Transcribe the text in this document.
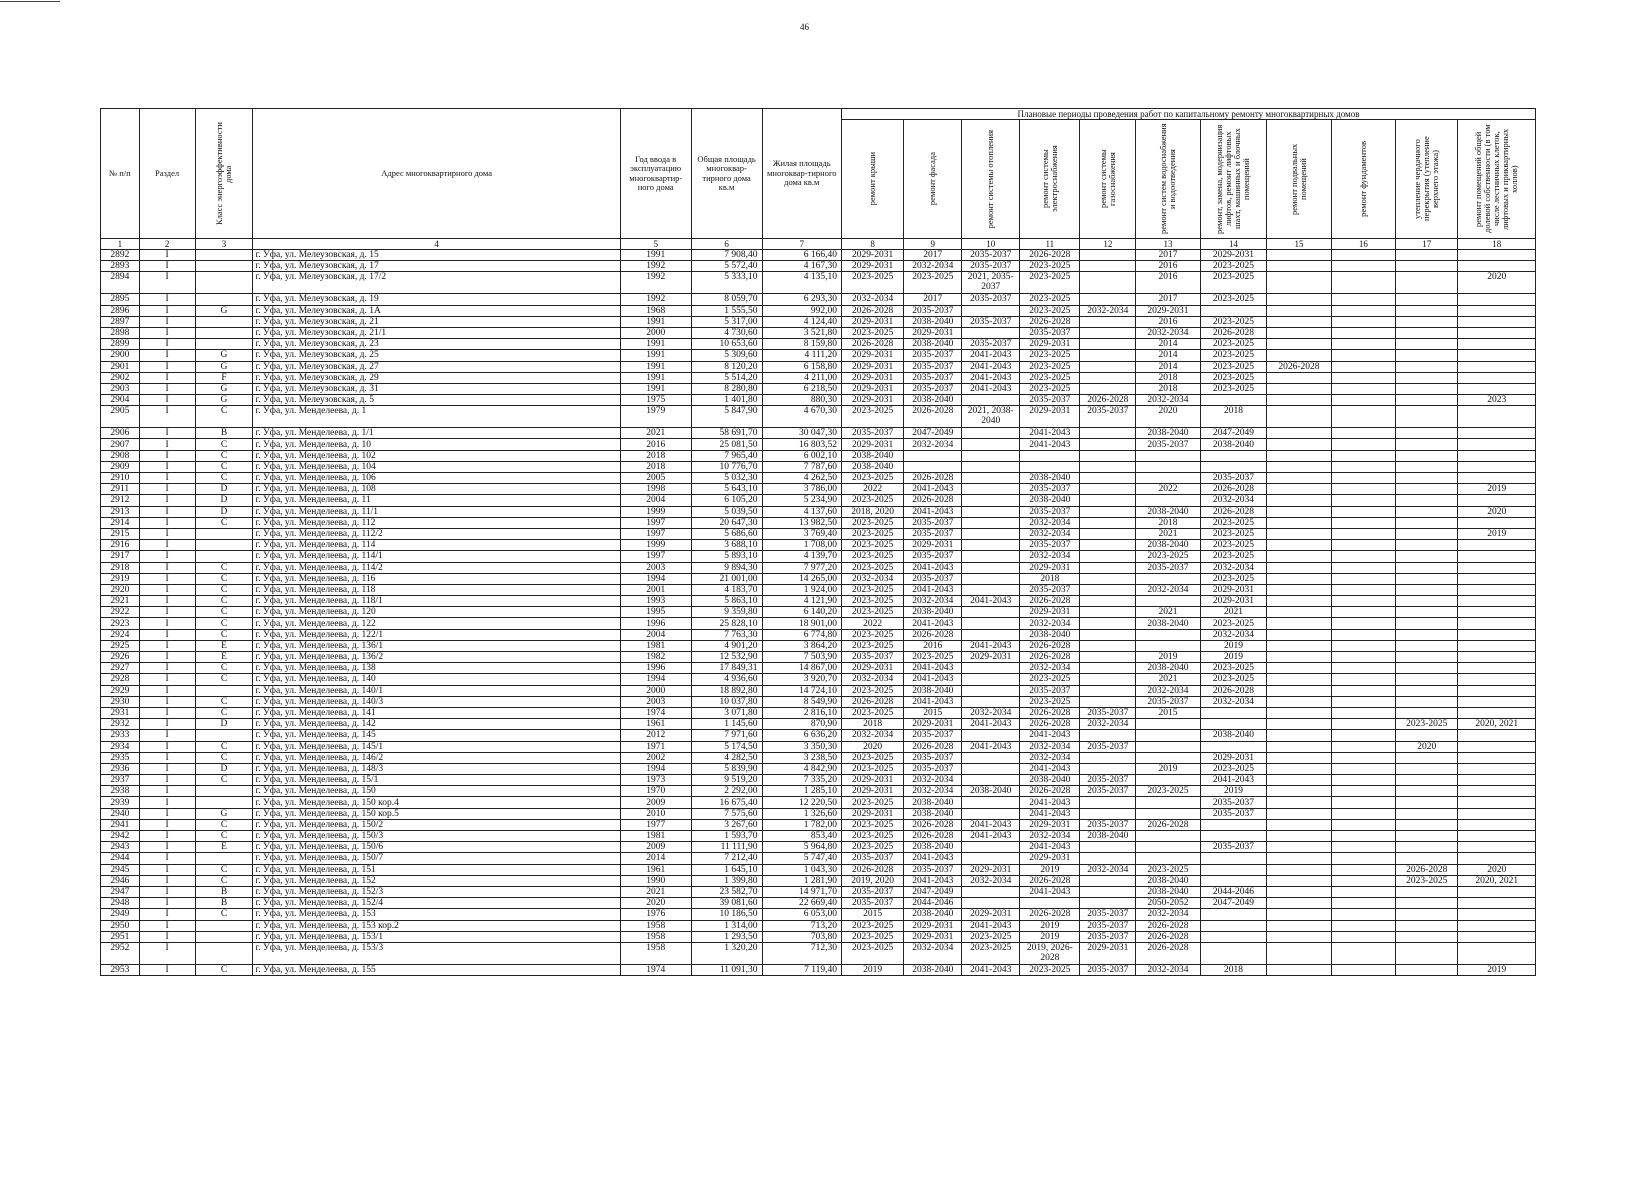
46
№ п/п	Раздел	Класс энергоэффективности дома	Адрес многоквартирного дома	Год ввода в эксплуатацию многоквартир-ного дома	Общая площадь многоквар-тирного дома кв.м	Жилая площадь многоквар-тирного дома кв.м	Плановые периоды проведения работ по капитальному ремонту многоквартирных домов										

							ремонт крыши	ремонт фасада	ремонт системы отопления	ремонт системы электроснабжения	ремонт системы газоснабжения	ремонт систем водоснабжения и водоотведения	ремонт, замена, модернизация лифтов, ремонт лифтовых шахт, машинных и блочных помещений	ремонт подвальных помещений	ремонт фундаментов	утепление чердачного перекрытия (утепление верхнего этажа)	ремонт помещений общей долевой собственности (в том числе лестничных клеток, лифтовых и приквартирных холлов)

1	2	3	4	5	6	7	8	9	10	11	12	13	14	15	16	17	18
2892	I		г. Уфа, ул. Мелеузовская, д. 15	1991	7 908,40	6 166,40	2029-2031	2017	2035-2037	2026-2028		2017	2029-2031				
2893	I		г. Уфа, ул. Мелеузовская, д. 17	1992	5 572,40	4 167,30	2029-2031	2032-2034	2035-2037	2023-2025		2016	2023-2025				
2894	I		г. Уфа, ул. Мелеузовская, д. 17/2	1992	5 333,10	4 135,10	2023-2025	2023-2025	2021, 2035-2037	2023-2025		2016	2023-2025				2020
2895	I		г. Уфа, ул. Мелеузовская, д. 19	1992	8 059,70	6 293,30	2032-2034	2017	2035-2037	2023-2025		2017	2023-2025				
2896	I	G	г. Уфа, ул. Мелеузовская, д. 1А	1968	1 555,50	992,00	2026-2028	2035-2037		2023-2025	2032-2034	2029-2031					
2897	I		г. Уфа, ул. Мелеузовская, д. 21	1991	5 317,00	4 124,40	2029-2031	2038-2040	2035-2037	2026-2028		2016	2023-2025				
2898	I		г. Уфа, ул. Мелеузовская, д. 21/1	2000	4 730,60	3 521,80	2023-2025	2029-2031		2035-2037		2032-2034	2026-2028				
2899	I		г. Уфа, ул. Мелеузовская, д. 23	1991	10 653,60	8 159,80	2026-2028	2038-2040	2035-2037	2029-2031		2014	2023-2025				
2900	I	G	г. Уфа, ул. Мелеузовская, д. 25	1991	5 309,60	4 111,20	2029-2031	2035-2037	2041-2043	2023-2025		2014	2023-2025				
2901	I	G	г. Уфа, ул. Мелеузовская, д. 27	1991	8 120,20	6 158,80	2029-2031	2035-2037	2041-2043	2023-2025		2014	2023-2025	2026-2028			
2902	I	F	г. Уфа, ул. Мелеузовская, д. 29	1991	5 514,20	4 211,00	2029-2031	2035-2037	2041-2043	2023-2025		2018	2023-2025				
2903	I	G	г. Уфа, ул. Мелеузовская, д. 31	1991	8 280,80	6 218,50	2029-2031	2035-2037	2041-2043	2023-2025		2018	2023-2025				
2904	I	G	г. Уфа, ул. Мелеузовская, д. 5	1975	1 401,80	880,30	2029-2031	2038-2040		2035-2037	2026-2028	2032-2034					2023
2905	I	C	г. Уфа, ул. Менделеева, д. 1	1979	5 847,90	4 670,30	2023-2025	2026-2028	2021, 2038-2040	2029-2031	2035-2037	2020	2018				
2906	I	B	г. Уфа, ул. Менделеева, д. 1/1	2021	58 691,70	30 047,30	2035-2037	2047-2049		2041-2043		2038-2040	2047-2049				
2907	I	C	г. Уфа, ул. Менделеева, д. 10	2016	25 081,50	16 803,52	2029-2031	2032-2034		2041-2043		2035-2037	2038-2040				
2908	I	C	г. Уфа, ул. Менделеева, д. 102	2018	7 965,40	6 002,10	2038-2040										
2909	I	C	г. Уфа, ул. Менделеева, д. 104	2018	10 776,70	7 787,60	2038-2040										
2910	I	C	г. Уфа, ул. Менделеева, д. 106	2005	5 032,30	4 262,50	2023-2025	2026-2028		2038-2040			2035-2037				
2911	I	D	г. Уфа, ул. Менделеева, д. 108	1998	5 643,10	3 786,00	2022	2041-2043		2035-2037		2022	2026-2028				2019
2912	I	D	г. Уфа, ул. Менделеева, д. 11	2004	6 105,20	5 234,90	2023-2025	2026-2028		2038-2040			2032-2034				
2913	I	D	г. Уфа, ул. Менделеева, д. 11/1	1999	5 039,50	4 137,60	2018, 2020	2041-2043		2035-2037		2038-2040	2026-2028				2020
2914	I	C	г. Уфа, ул. Менделеева, д. 112	1997	20 647,30	13 982,50	2023-2025	2035-2037		2032-2034		2018	2023-2025				
2915	I		г. Уфа, ул. Менделеева, д. 112/2	1997	5 686,60	3 769,40	2023-2025	2035-2037		2032-2034		2021	2023-2025				2019
2916	I		г. Уфа, ул. Менделеева, д. 114	1999	3 688,10	1 708,00	2023-2025	2029-2031		2035-2037		2038-2040	2023-2025				
2917	I		г. Уфа, ул. Менделеева, д. 114/1	1997	5 893,10	4 139,70	2023-2025	2035-2037		2032-2034		2023-2025	2023-2025				
2918	I	C	г. Уфа, ул. Менделеева, д. 114/2	2003	9 894,30	7 977,20	2023-2025	2041-2043		2029-2031		2035-2037	2032-2034				
2919	I	C	г. Уфа, ул. Менделеева, д. 116	1994	21 001,00	14 265,00	2032-2034	2035-2037		2018			2023-2025				
2920	I	C	г. Уфа, ул. Менделеева, д. 118	2001	4 183,70	1 924,00	2023-2025	2041-2043		2035-2037		2032-2034	2029-2031				
2921	I	C	г. Уфа, ул. Менделеева, д. 118/1	1993	5 863,10	4 121,90	2023-2025	2032-2034	2041-2043	2026-2028			2029-2031				
2922	I	C	г. Уфа, ул. Менделеева, д. 120	1995	9 359,80	6 140,20	2023-2025	2038-2040		2029-2031		2021	2021				
2923	I	C	г. Уфа, ул. Менделеева, д. 122	1996	25 828,10	18 901,00	2022	2041-2043		2032-2034		2038-2040	2023-2025				
2924	I	C	г. Уфа, ул. Менделеева, д. 122/1	2004	7 763,30	6 774,80	2023-2025	2026-2028		2038-2040			2032-2034				
2925	I	E	г. Уфа, ул. Менделеева, д. 136/1	1981	4 901,20	3 864,20	2023-2025	2016	2041-2043	2026-2028			2019				
2926	I	E	г. Уфа, ул. Менделеева, д. 136/2	1982	12 532,90	7 503,90	2035-2037	2023-2025	2029-2031	2026-2028		2019	2019				
2927	I	C	г. Уфа, ул. Менделеева, д. 138	1996	17 849,31	14 867,00	2029-2031	2041-2043		2032-2034		2038-2040	2023-2025				
2928	I	C	г. Уфа, ул. Менделеева, д. 140	1994	4 936,60	3 920,70	2032-2034	2041-2043		2023-2025		2021	2023-2025				
2929	I		г. Уфа, ул. Менделеева, д. 140/1	2000	18 892,80	14 724,10	2023-2025	2038-2040		2035-2037		2032-2034	2026-2028				
2930	I	C	г. Уфа, ул. Менделеева, д. 140/3	2003	10 037,80	8 549,90	2026-2028	2041-2043		2023-2025		2035-2037	2032-2034				
2931	I	C	г. Уфа, ул. Менделеева, д. 141	1974	3 071,80	2 816,10	2023-2025	2015	2032-2034	2026-2028	2035-2037	2015					
2932	I	D	г. Уфа, ул. Менделеева, д. 142	1961	1 145,60	870,90	2018	2029-2031	2041-2043	2026-2028	2032-2034					2023-2025	2020, 2021
2933	I		г. Уфа, ул. Менделеева, д. 145	2012	7 971,60	6 636,20	2032-2034	2035-2037		2041-2043			2038-2040				
2934	I	C	г. Уфа, ул. Менделеева, д. 145/1	1971	5 174,50	3 350,30	2020	2026-2028	2041-2043	2032-2034	2035-2037					2020	
2935	I	C	г. Уфа, ул. Менделеева, д. 146/2	2002	4 282,50	3 238,50	2023-2025	2035-2037		2032-2034			2029-2031				
2936	I	D	г. Уфа, ул. Менделеева, д. 148/3	1994	5 839,90	4 842,90	2023-2025	2035-2037		2041-2043		2019	2023-2025				
2937	I	C	г. Уфа, ул. Менделеева, д. 15/1	1973	9 519,20	7 335,20	2029-2031	2032-2034		2038-2040	2035-2037		2041-2043				
2938	I		г. Уфа, ул. Менделеева, д. 150	1970	2 292,00	1 285,10	2029-2031	2032-2034	2038-2040	2026-2028	2035-2037	2023-2025	2019				
2939	I		г. Уфа, ул. Менделеева, д. 150 кор.4	2009	16 675,40	12 220,50	2023-2025	2038-2040		2041-2043			2035-2037				
2940	I	G	г. Уфа, ул. Менделеева, д. 150 кор.5	2010	7 575,60	1 326,60	2029-2031	2038-2040		2041-2043			2035-2037				
2941	I	C	г. Уфа, ул. Менделеева, д. 150/2	1977	3 267,60	1 782,00	2023-2025	2026-2028	2041-2043	2029-2031	2035-2037	2026-2028					
2942	I	C	г. Уфа, ул. Менделеева, д. 150/3	1981	1 593,70	853,40	2023-2025	2026-2028	2041-2043	2032-2034	2038-2040						
2943	I	E	г. Уфа, ул. Менделеева, д. 150/6	2009	11 111,90	5 964,80	2023-2025	2038-2040		2041-2043			2035-2037				
2944	I		г. Уфа, ул. Менделеева, д. 150/7	2014	7 212,40	5 747,40	2035-2037	2041-2043		2029-2031							
2945	I	C	г. Уфа, ул. Менделеева, д. 151	1961	1 645,10	1 043,30	2026-2028	2035-2037	2029-2031	2019	2032-2034	2023-2025				2026-2028	2020
2946	I	C	г. Уфа, ул. Менделеева, д. 152	1990	1 399,80	1 281,90	2019, 2020	2041-2043	2032-2034	2026-2028		2038-2040				2023-2025	2020, 2021
2947	I	B	г. Уфа, ул. Менделеева, д. 152/3	2021	23 582,70	14 971,70	2035-2037	2047-2049		2041-2043		2038-2040	2044-2046				
2948	I	B	г. Уфа, ул. Менделеева, д. 152/4	2020	39 081,60	22 669,40	2035-2037	2044-2046				2050-2052	2047-2049				
2949	I	C	г. Уфа, ул. Менделеева, д. 153	1976	10 186,50	6 053,00	2015	2038-2040	2029-2031	2026-2028	2035-2037	2032-2034					
2950	I		г. Уфа, ул. Менделеева, д. 153 кор.2	1958	1 314,00	713,20	2023-2025	2029-2031	2041-2043	2019	2035-2037	2026-2028					
2951	I		г. Уфа, ул. Менделеева, д. 153/1	1958	1 293,50	703,80	2023-2025	2029-2031	2023-2025	2019	2035-2037	2026-2028					
2952	I		г. Уфа, ул. Менделеева, д. 153/3	1958	1 320,20	712,30	2023-2025	2032-2034	2023-2025	2019, 2026-2028	2029-2031	2026-2028					
2953	I	C	г. Уфа, ул. Менделеева, д. 155	1974	11 091,30	7 119,40	2019	2038-2040	2041-2043	2023-2025	2035-2037	2032-2034	2018				2019
